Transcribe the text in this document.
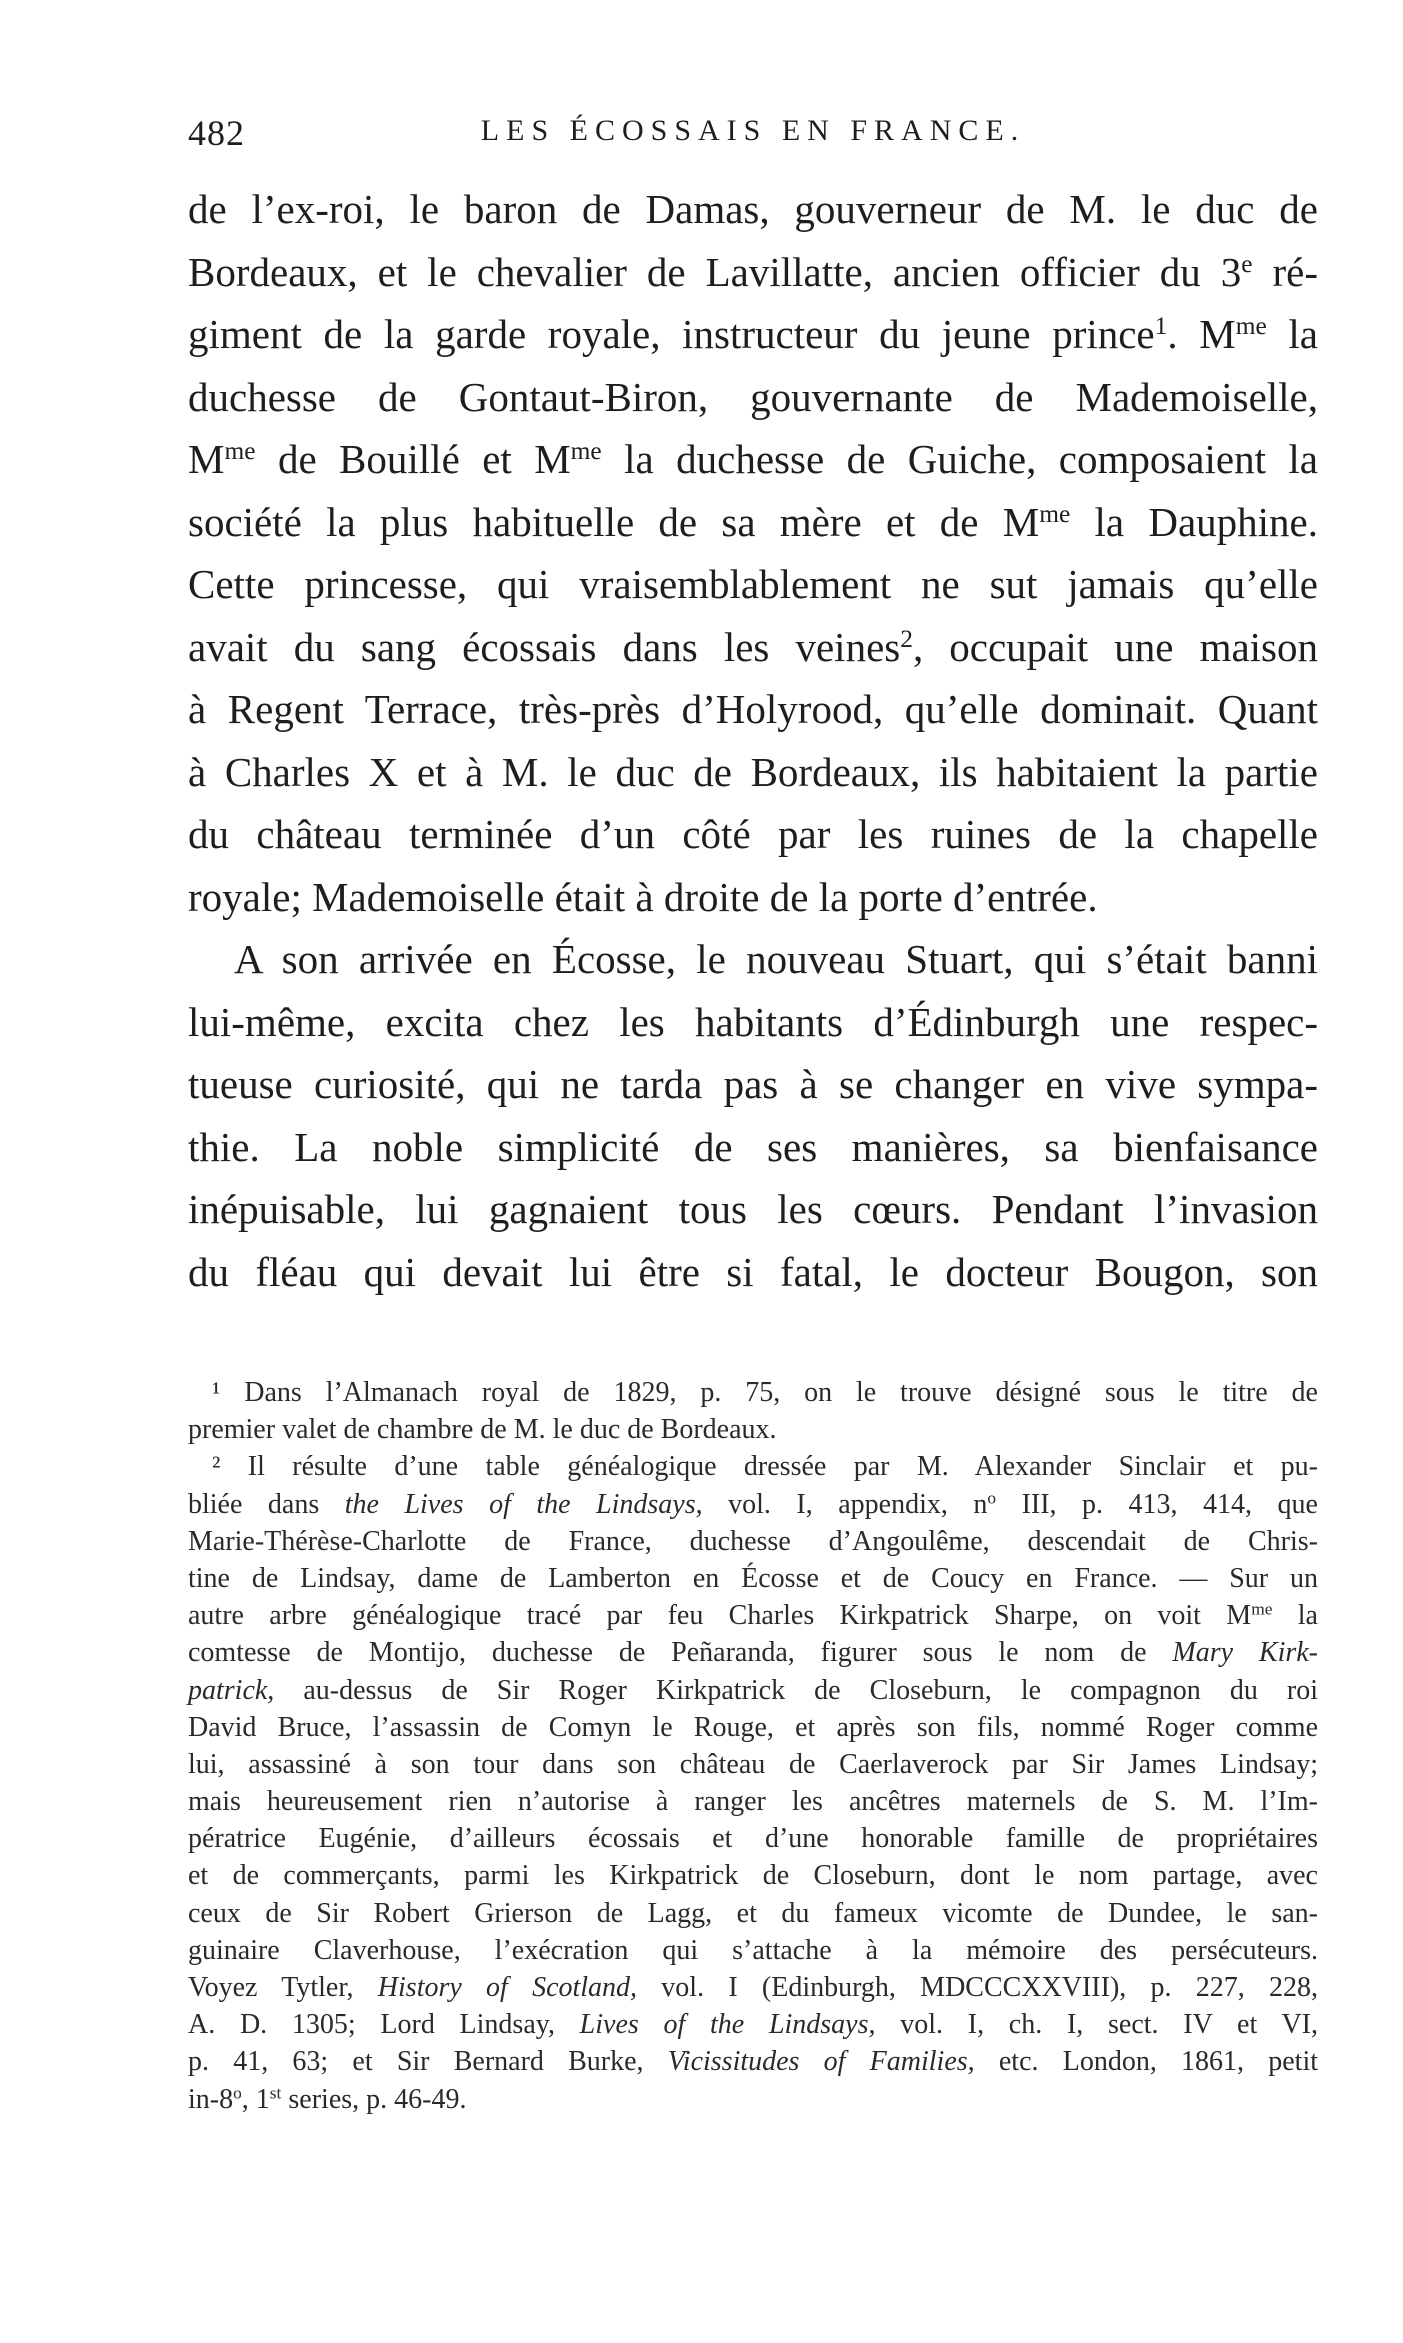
482	LES ÉCOSSAIS EN FRANCE.
de l’ex-roi, le baron de Damas, gouverneur de M. le duc de
Bordeaux, et le chevalier de Lavillatte, ancien officier du 3e ré-
giment de la garde royale, instructeur du jeune prince$^1$. $M^{me}$ la
duchesse de Gontaut-Biron, gouvernante de Mademoiselle,
$M^{me}$ de Bouillé et $M^{me}$ la duchesse de Guiche, composaient la
société la plus habituelle de sa mère et de $M^{me}$ la Dauphine.
Cette princesse, qui vraisemblablement ne sut jamais qu’elle
avait du sang écossais dans les veines$^2$, occupait une maison
à Regent Terrace, très-près d’Holyrood, qu’elle dominait. Quant
à Charles X et à M. le duc de Bordeaux, ils habitaient la partie
du château terminée d’un côté par les ruines de la chapelle
royale; Mademoiselle était à droite de la porte d’entrée.
A son arrivée en Écosse, le nouveau Stuart, qui s’était banni
lui-même, excita chez les habitants d’Édinburgh une respec-
tueuse curiosité, qui ne tarda pas à se changer en vive sympa-
thie. La noble simplicité de ses manières, sa bienfaisance
inépuisable, lui gagnaient tous les cœurs. Pendant l’invasion
du fléau qui devait lui être si fatal, le docteur Bougon, son
¹ Dans l’Almanach royal de 1829, p. 75, on le trouve désigné sous le titre de
premier valet de chambre de M. le duc de Bordeaux.
² Il résulte d’une table généalogique dressée par M. Alexander Sinclair et pu-
bliée dans the Lives of the Lindsays, vol. I, appendix, $n^o$ III, p. 413, 414, que
Marie-Thérèse-Charlotte de France, duchesse d’Angoulême, descendait de Chris-
tine de Lindsay, dame de Lamberton en Écosse et de Coucy en France. — Sur un
autre arbre généalogique tracé par feu Charles Kirkpatrick Sharpe, on voit $M^{me}$ la
comtesse de Montijo, duchesse de Peñaranda, figurer sous le nom de Mary Kirk-
patrick, au-dessus de Sir Roger Kirkpatrick de Closeburn, le compagnon du roi
David Bruce, l’assassin de Comyn le Rouge, et après son fils, nommé Roger comme
lui, assassiné à son tour dans son château de Caerlaverock par Sir James Lindsay;
mais heureusement rien n’autorise à ranger les ancêtres maternels de S. M. l’Im-
pératrice Eugénie, d’ailleurs écossais et d’une honorable famille de propriétaires
et de commerçants, parmi les Kirkpatrick de Closeburn, dont le nom partage, avec
ceux de Sir Robert Grierson de Lagg, et du fameux vicomte de Dundee, le san-
guinaire Claverhouse, l’exécration qui s’attache à la mémoire des persécuteurs.
Voyez Tytler, History of Scotland, vol. I (Edinburgh, MDCCCXXVIII), p. 227, 228,
A. D. 1305; Lord Lindsay, Lives of the Lindsays, vol. I, ch. I, sect. IV et VI,
p. 41, 63; et Sir Bernard Burke, Vicissitudes of Families, etc. London, 1861, petit
in-8$^o$, 1st series, p. 46-49.
